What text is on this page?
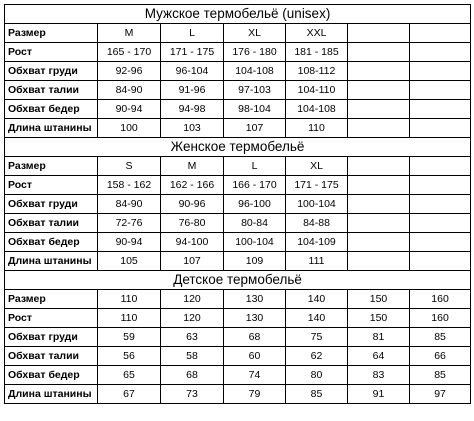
Мужское термобельё (unisex)						
Размер	M	L	XL	XXL		
Рост	165 - 170	171 - 175	176 - 180	181 - 185		
Обхват груди	92-96	96-104	104-108	108-112		
Обхват талии	84-90	91-96	97-103	104-110		
Обхват бедер	90-94	94-98	98-104	104-108		
Длина штанины	100	103	107	110		
Женское термобельё						
Размер	S	M	L	XL		
Рост	158 - 162	162 - 166	166 - 170	171 - 175		
Обхват груди	84-90	90-96	96-100	100-104		
Обхват талии	72-76	76-80	80-84	84-88		
Обхват бедер	90-94	94-100	100-104	104-109		
Длина штанины	105	107	109	111		
Детское термобельё						
Размер	110	120	130	140	150	160
Рост	110	120	130	140	150	160
Обхват груди	59	63	68	75	81	85
Обхват талии	56	58	60	62	64	66
Обхват бедер	65	68	74	80	83	85
Длина штанины	67	73	79	85	91	97
